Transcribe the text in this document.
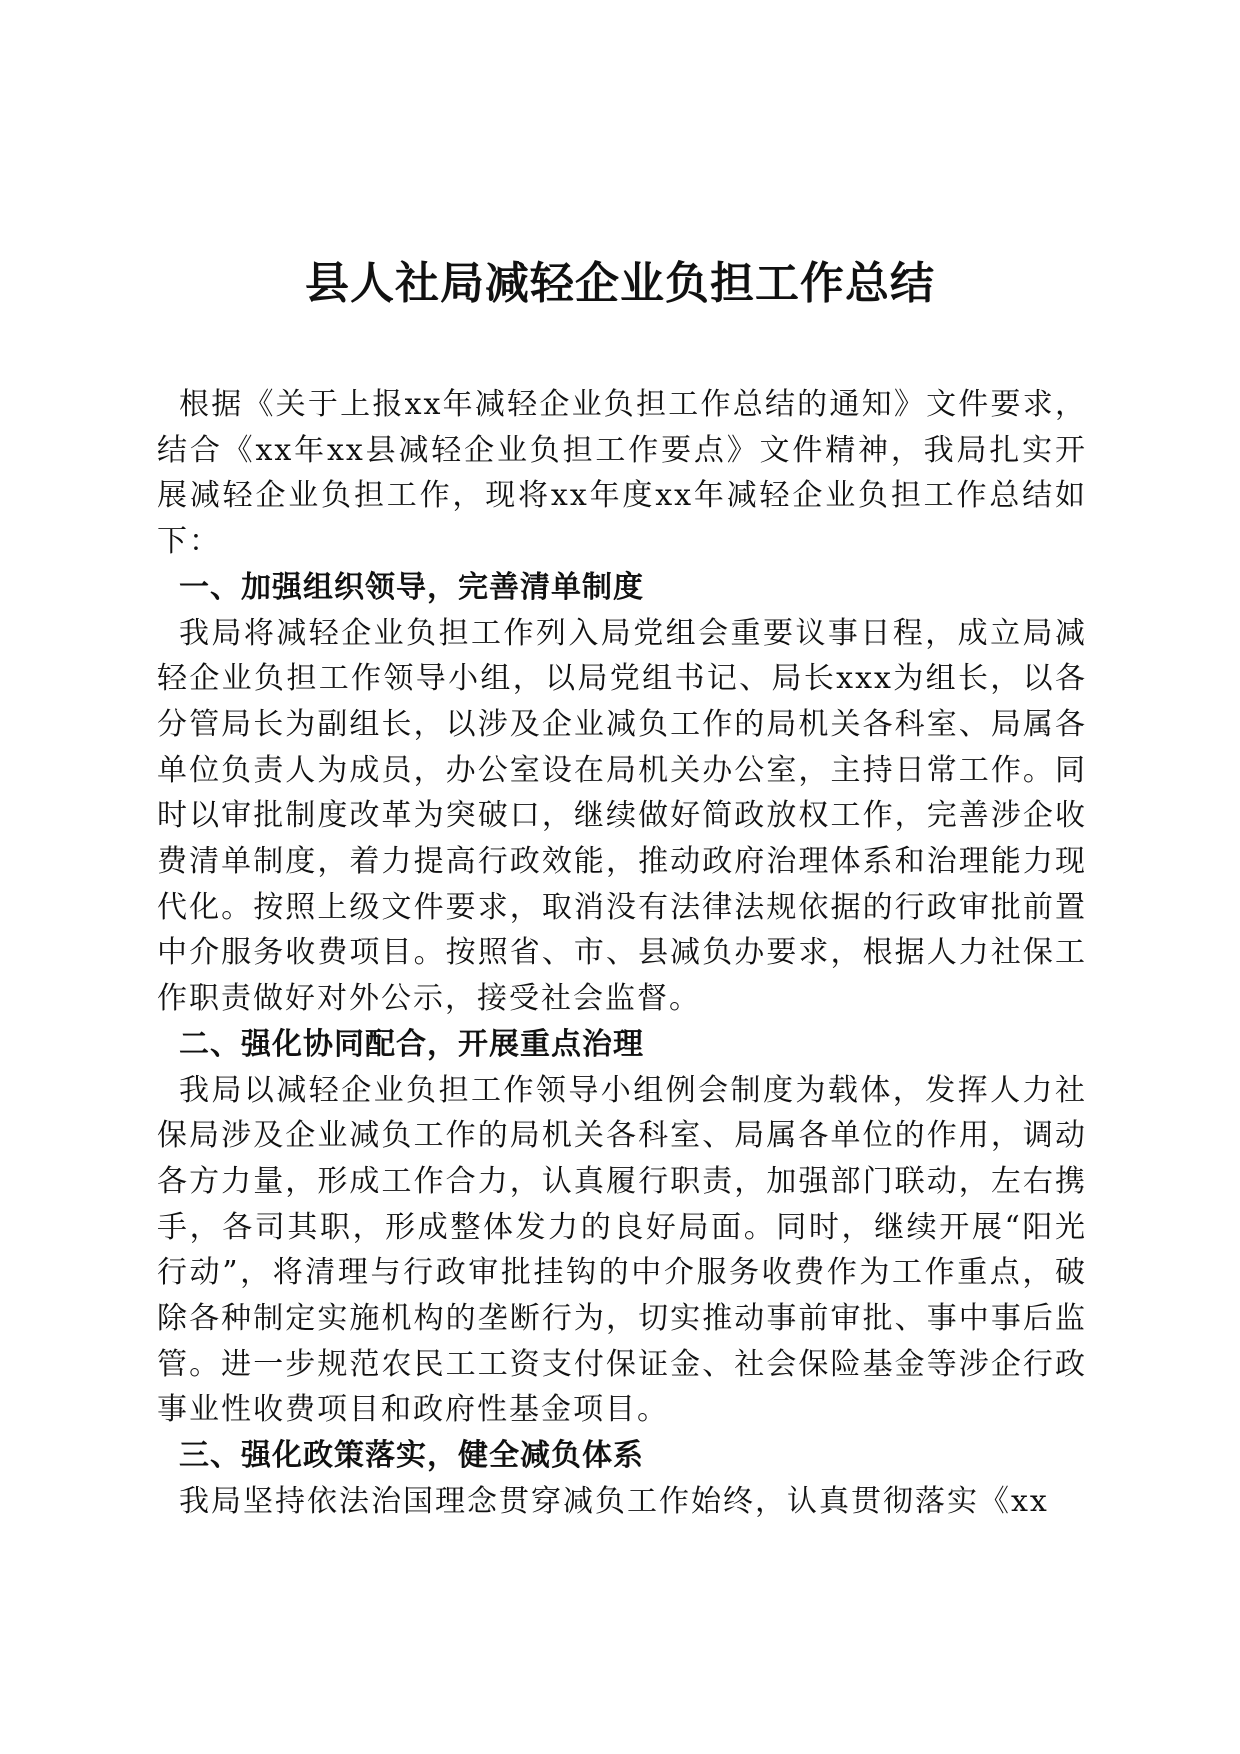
县人社局减轻企业负担工作总结

根据《关于上报xx年减轻企业负担工作总结的通知》文件要求，结合《xx年xx县减轻企业负担工作要点》文件精神，我局扎实开展减轻企业负担工作，现将xx年度xx年减轻企业负担工作总结如下：

一、加强组织领导，完善清单制度

我局将减轻企业负担工作列入局党组会重要议事日程，成立局减轻企业负担工作领导小组，以局党组书记、局长xxx为组长，以各分管局长为副组长，以涉及企业减负工作的局机关各科室、局属各单位负责人为成员，办公室设在局机关办公室，主持日常工作。同时以审批制度改革为突破口，继续做好简政放权工作，完善涉企收费清单制度，着力提高行政效能，推动政府治理体系和治理能力现代化。按照上级文件要求，取消没有法律法规依据的行政审批前置中介服务收费项目。按照省、市、县减负办要求，根据人力社保工作职责做好对外公示，接受社会监督。

二、强化协同配合，开展重点治理

我局以减轻企业负担工作领导小组例会制度为载体，发挥人力社保局涉及企业减负工作的局机关各科室、局属各单位的作用，调动各方力量，形成工作合力，认真履行职责，加强部门联动，左右携手，各司其职，形成整体发力的良好局面。同时，继续开展“阳光行动”，将清理与行政审批挂钩的中介服务收费作为工作重点，破除各种制定实施机构的垄断行为，切实推动事前审批、事中事后监管。进一步规范农民工工资支付保证金、社会保险基金等涉企行政事业性收费项目和政府性基金项目。

三、强化政策落实，健全减负体系

我局坚持依法治国理念贯穿减负工作始终，认真贯彻落实《xx
